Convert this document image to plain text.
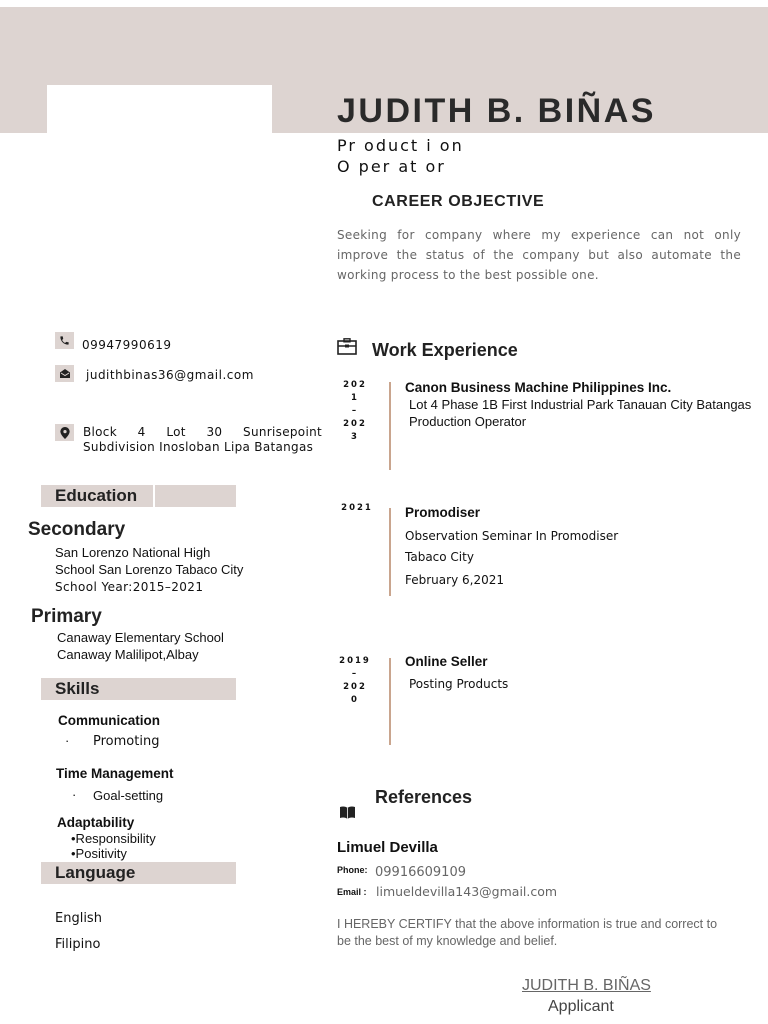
JUDITH B. BIÑAS
Pr oduct i on
O per at or
CAREER OBJECTIVE
Seeking for company where my experience can not only improve the status of the company but also automate the working process to the best possible one.
09947990619
judithbinas36@gmail.com
Block 4 Lot 30 Sunrisepoint Subdivision Inosloban Lipa Batangas
Education
Secondary
San Lorenzo National High
School San Lorenzo Tabaco City
School Year:2015–2021
Primary
Canaway Elementary School
Canaway Malilipot,Albay
Skills
Communication
· Promoting
Time Management
· Goal-setting
Adaptability
•Responsibility
•Positivity
Language
English
Filipino
Work Experience
202
1
–
202
3
Canon Business Machine Philippines Inc.
Lot 4 Phase 1B First Industrial Park Tanauan City Batangas
Production Operator
2021 Promodiser
Observation Seminar In Promodiser
Tabaco City
February 6,2021
2019
–
202
0
Online Seller
Posting Products
References
Limuel Devilla
Phone: 09916609109
Email : limueldevilla143@gmail.com
I HEREBY CERTIFY that the above information is true and correct to be the best of my knowledge and belief.
JUDITH B. BIÑAS
Applicant
